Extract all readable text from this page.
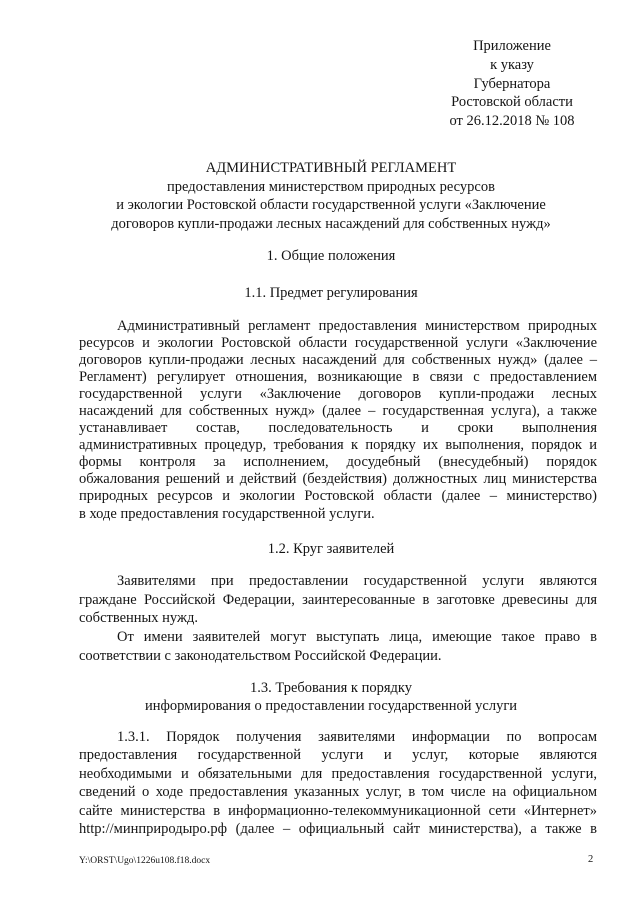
Приложение
к указу
Губернатора
Ростовской области
от 26.12.2018 № 108
АДМИНИСТРАТИВНЫЙ РЕГЛАМЕНТ
предоставления министерством природных ресурсов
и экологии Ростовской области государственной услуги «Заключение
договоров купли-продажи лесных насаждений для собственных нужд»
1. Общие положения
1.1. Предмет регулирования
Административный регламент предоставления министерством природных
ресурсов и экологии Ростовской области государственной услуги «Заключение
договоров купли-продажи лесных насаждений для собственных нужд» (далее –
Регламент) регулирует отношения, возникающие в связи с предоставлением
государственной услуги «Заключение договоров купли-продажи лесных
насаждений для собственных нужд» (далее – государственная услуга), а также
устанавливает состав, последовательность и сроки выполнения
административных процедур, требования к порядку их выполнения, порядок и
формы контроля за исполнением, досудебный (внесудебный) порядок
обжалования решений и действий (бездействия) должностных лиц министерства
природных ресурсов и экологии Ростовской области (далее – министерство)
в ходе предоставления государственной услуги.
1.2. Круг заявителей
Заявителями при предоставлении государственной услуги являются
граждане Российской Федерации, заинтересованные в заготовке древесины для
собственных нужд.
От имени заявителей могут выступать лица, имеющие такое право в
соответствии с законодательством Российской Федерации.
1.3. Требования к порядку
информирования о предоставлении государственной услуги
1.3.1. Порядок получения заявителями информации по вопросам
предоставления государственной услуги и услуг, которые являются
необходимыми и обязательными для предоставления государственной услуги,
сведений о ходе предоставления указанных услуг, в том числе на официальном
сайте министерства в информационно-телекоммуникационной сети «Интернет»
http://минприродыро.рф (далее – официальный сайт министерства), а также в
Y:\ORST\Ugo\1226u108.f18.docx	2
